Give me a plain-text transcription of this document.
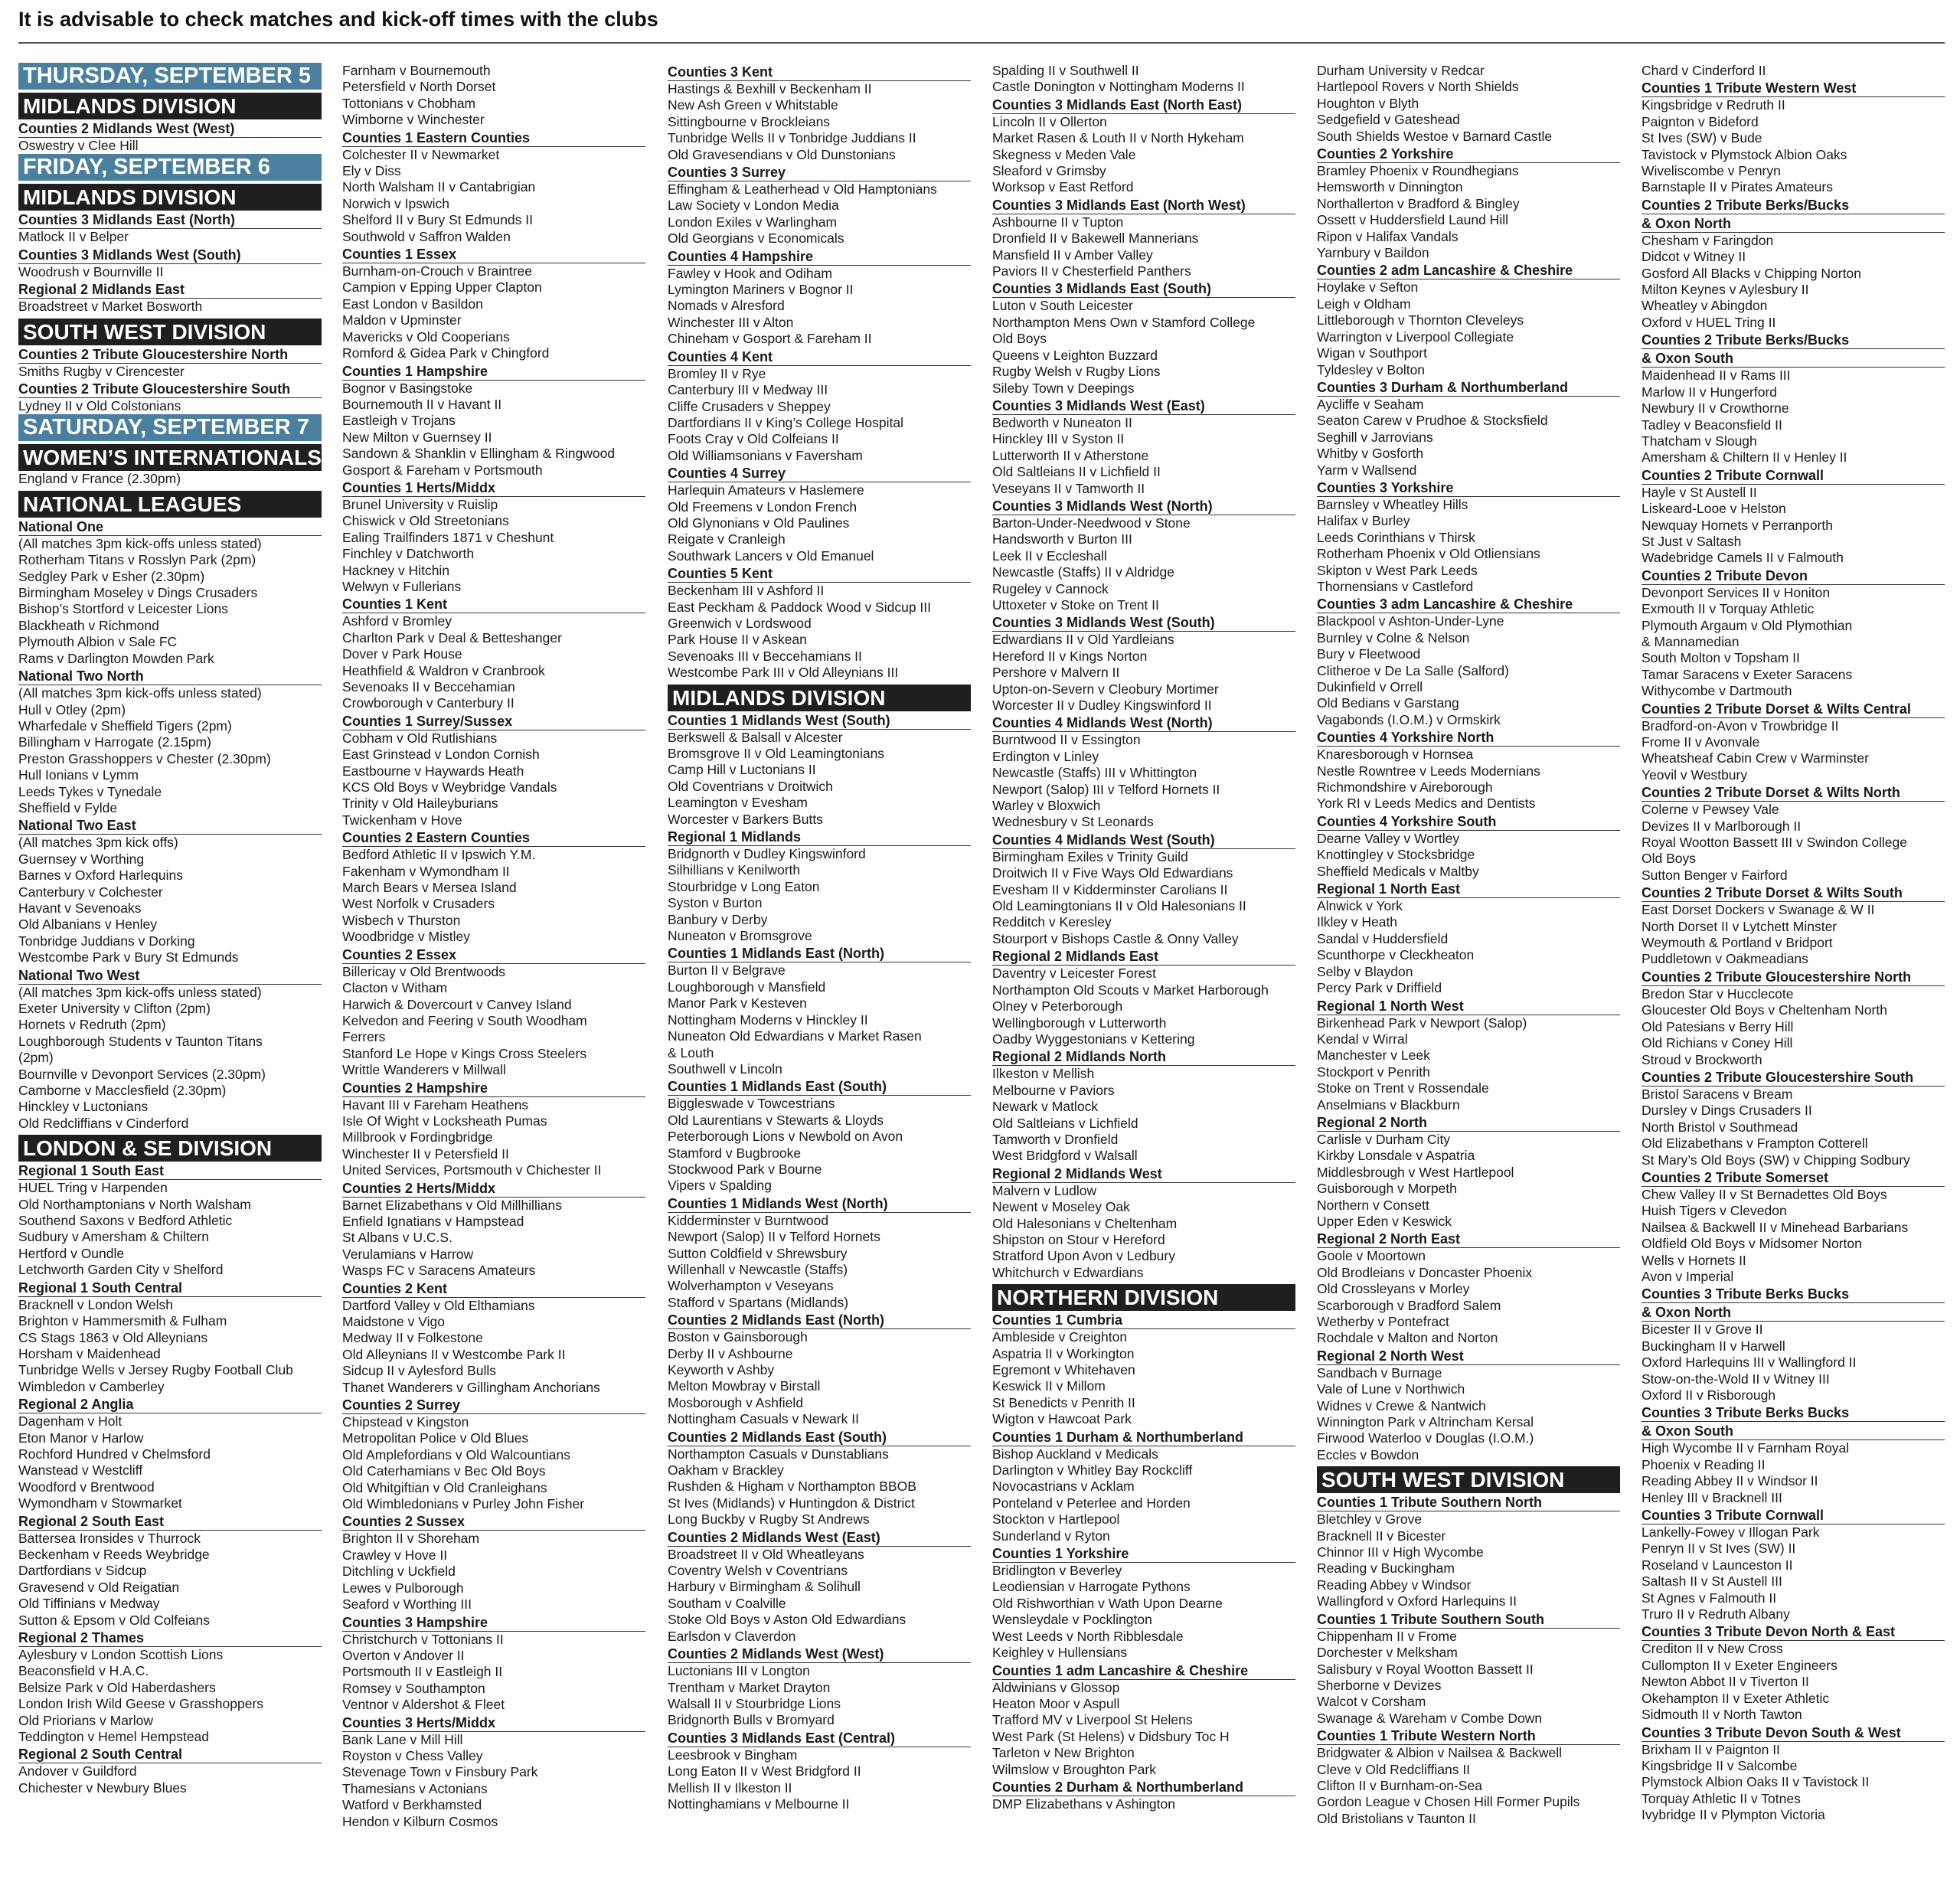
It is advisable to check matches and kick-off times with the clubs
THURSDAY, SEPTEMBER 5
MIDLANDS DIVISION
Counties 2 Midlands West (West)
Oswestry v Clee Hill
FRIDAY, SEPTEMBER 6
MIDLANDS DIVISION
Counties 3 Midlands East (North)
Matlock II v Belper
Counties 3 Midlands West (South)
Woodrush v Bournville II
Regional 2 Midlands East
Broadstreet v Market Bosworth
SOUTH WEST DIVISION
Counties 2 Tribute Gloucestershire North
Smiths Rugby v Cirencester
Counties 2 Tribute Gloucestershire South
Lydney II v Old Colstonians
SATURDAY, SEPTEMBER 7
WOMEN’S INTERNATIONALS
England v France (2.30pm)
NATIONAL LEAGUES
National One
(All matches 3pm kick-offs unless stated)
Rotherham Titans v Rosslyn Park (2pm)
Sedgley Park v Esher (2.30pm)
Birmingham Moseley v Dings Crusaders
Bishop’s Stortford v Leicester Lions
Blackheath v Richmond
Plymouth Albion v Sale FC
Rams v Darlington Mowden Park
National Two North
(All matches 3pm kick-offs unless stated)
Hull v Otley (2pm)
Wharfedale v Sheffield Tigers (2pm)
Billingham v Harrogate (2.15pm)
Preston Grasshoppers v Chester (2.30pm)
Hull Ionians v Lymm
Leeds Tykes v Tynedale
Sheffield v Fylde
National Two East
(All matches 3pm kick offs)
Guernsey v Worthing
Barnes v Oxford Harlequins
Canterbury v Colchester
Havant v Sevenoaks
Old Albanians v Henley
Tonbridge Juddians v Dorking
Westcombe Park v Bury St Edmunds
National Two West
(All matches 3pm kick-offs unless stated)
Exeter University v Clifton (2pm)
Hornets v Redruth (2pm)
Loughborough Students v Taunton Titans
(2pm)
Bournville v Devonport Services (2.30pm)
Camborne v Macclesfield (2.30pm)
Hinckley v Luctonians
Old Redcliffians v Cinderford
LONDON & SE DIVISION
Regional 1 South East
HUEL Tring v Harpenden
Old Northamptonians v North Walsham
Southend Saxons v Bedford Athletic
Sudbury v Amersham & Chiltern
Hertford v Oundle
Letchworth Garden City v Shelford
Regional 1 South Central
Bracknell v London Welsh
Brighton v Hammersmith & Fulham
CS Stags 1863 v Old Alleynians
Horsham v Maidenhead
Tunbridge Wells v Jersey Rugby Football Club
Wimbledon v Camberley
Regional 2 Anglia
Dagenham v Holt
Eton Manor v Harlow
Rochford Hundred v Chelmsford
Wanstead v Westcliff
Woodford v Brentwood
Wymondham v Stowmarket
Regional 2 South East
Battersea Ironsides v Thurrock
Beckenham v Reeds Weybridge
Dartfordians v Sidcup
Gravesend v Old Reigatian
Old Tiffinians v Medway
Sutton & Epsom v Old Colfeians
Regional 2 Thames
Aylesbury v London Scottish Lions
Beaconsfield v H.A.C.
Belsize Park v Old Haberdashers
London Irish Wild Geese v Grasshoppers
Old Priorians v Marlow
Teddington v Hemel Hempstead
Regional 2 South Central
Andover v Guildford
Chichester v Newbury Blues
Farnham v Bournemouth
Petersfield v North Dorset
Tottonians v Chobham
Wimborne v Winchester
Counties 1 Eastern Counties
Colchester II v Newmarket
Ely v Diss
North Walsham II v Cantabrigian
Norwich v Ipswich
Shelford II v Bury St Edmunds II
Southwold v Saffron Walden
Counties 1 Essex
Burnham-on-Crouch v Braintree
Campion v Epping Upper Clapton
East London v Basildon
Maldon v Upminster
Mavericks v Old Cooperians
Romford & Gidea Park v Chingford
Counties 1 Hampshire
Bognor v Basingstoke
Bournemouth II v Havant II
Eastleigh v Trojans
New Milton v Guernsey II
Sandown & Shanklin v Ellingham & Ringwood
Gosport & Fareham v Portsmouth
Counties 1 Herts/Middx
Brunel University v Ruislip
Chiswick v Old Streetonians
Ealing Trailfinders 1871 v Cheshunt
Finchley v Datchworth
Hackney v Hitchin
Welwyn v Fullerians
Counties 1 Kent
Ashford v Bromley
Charlton Park v Deal & Betteshanger
Dover v Park House
Heathfield & Waldron v Cranbrook
Sevenoaks II v Beccehamian
Crowborough v Canterbury II
Counties 1 Surrey/Sussex
Cobham v Old Rutlishians
East Grinstead v London Cornish
Eastbourne v Haywards Heath
KCS Old Boys v Weybridge Vandals
Trinity v Old Haileyburians
Twickenham v Hove
Counties 2 Eastern Counties
Bedford Athletic II v Ipswich Y.M.
Fakenham v Wymondham II
March Bears v Mersea Island
West Norfolk v Crusaders
Wisbech v Thurston
Woodbridge v Mistley
Counties 2 Essex
Billericay v Old Brentwoods
Clacton v Witham
Harwich & Dovercourt v Canvey Island
Kelvedon and Feering v South Woodham
Ferrers
Stanford Le Hope v Kings Cross Steelers
Writtle Wanderers v Millwall
Counties 2 Hampshire
Havant III v Fareham Heathens
Isle Of Wight v Locksheath Pumas
Millbrook v Fordingbridge
Winchester II v Petersfield II
United Services, Portsmouth v Chichester II
Counties 2 Herts/Middx
Barnet Elizabethans v Old Millhillians
Enfield Ignatians v Hampstead
St Albans v U.C.S.
Verulamians v Harrow
Wasps FC v Saracens Amateurs
Counties 2 Kent
Dartford Valley v Old Elthamians
Maidstone v Vigo
Medway II v Folkestone
Old Alleynians II v Westcombe Park II
Sidcup II v Aylesford Bulls
Thanet Wanderers v Gillingham Anchorians
Counties 2 Surrey
Chipstead v Kingston
Metropolitan Police v Old Blues
Old Amplefordians v Old Walcountians
Old Caterhamians v Bec Old Boys
Old Whitgiftian v Old Cranleighans
Old Wimbledonians v Purley John Fisher
Counties 2 Sussex
Brighton II v Shoreham
Crawley v Hove II
Ditchling v Uckfield
Lewes v Pulborough
Seaford v Worthing III
Counties 3 Hampshire
Christchurch v Tottonians II
Overton v Andover II
Portsmouth II v Eastleigh II
Romsey v Southampton
Ventnor v Aldershot & Fleet
Counties 3 Herts/Middx
Bank Lane v Mill Hill
Royston v Chess Valley
Stevenage Town v Finsbury Park
Thamesians v Actonians
Watford v Berkhamsted
Hendon v Kilburn Cosmos
Counties 3 Kent
Hastings & Bexhill v Beckenham II
New Ash Green v Whitstable
Sittingbourne v Brockleians
Tunbridge Wells II v Tonbridge Juddians II
Old Gravesendians v Old Dunstonians
Counties 3 Surrey
Effingham & Leatherhead v Old Hamptonians
Law Society v London Media
London Exiles v Warlingham
Old Georgians v Economicals
Counties 4 Hampshire
Fawley v Hook and Odiham
Lymington Mariners v Bognor II
Nomads v Alresford
Winchester III v Alton
Chineham v Gosport & Fareham II
Counties 4 Kent
Bromley II v Rye
Canterbury III v Medway III
Cliffe Crusaders v Sheppey
Dartfordians II v King’s College Hospital
Foots Cray v Old Colfeians II
Old Williamsonians v Faversham
Counties 4 Surrey
Harlequin Amateurs v Haslemere
Old Freemens v London French
Old Glynonians v Old Paulines
Reigate v Cranleigh
Southwark Lancers v Old Emanuel
Counties 5 Kent
Beckenham III v Ashford II
East Peckham & Paddock Wood v Sidcup III
Greenwich v Lordswood
Park House II v Askean
Sevenoaks III v Beccehamians II
Westcombe Park III v Old Alleynians III
MIDLANDS DIVISION
Counties 1 Midlands West (South)
Berkswell & Balsall v Alcester
Bromsgrove II v Old Leamingtonians
Camp Hill v Luctonians II
Old Coventrians v Droitwich
Leamington v Evesham
Worcester v Barkers Butts
Regional 1 Midlands
Bridgnorth v Dudley Kingswinford
Silhillians v Kenilworth
Stourbridge v Long Eaton
Syston v Burton
Banbury v Derby
Nuneaton v Bromsgrove
Counties 1 Midlands East (North)
Burton II v Belgrave
Loughborough v Mansfield
Manor Park v Kesteven
Nottingham Moderns v Hinckley II
Nuneaton Old Edwardians v Market Rasen
& Louth
Southwell v Lincoln
Counties 1 Midlands East (South)
Biggleswade v Towcestrians
Old Laurentians v Stewarts & Lloyds
Peterborough Lions v Newbold on Avon
Stamford v Bugbrooke
Stockwood Park v Bourne
Vipers v Spalding
Counties 1 Midlands West (North)
Kidderminster v Burntwood
Newport (Salop) II v Telford Hornets
Sutton Coldfield v Shrewsbury
Willenhall v Newcastle (Staffs)
Wolverhampton v Veseyans
Stafford v Spartans (Midlands)
Counties 2 Midlands East (North)
Boston v Gainsborough
Derby II v Ashbourne
Keyworth v Ashby
Melton Mowbray v Birstall
Mosborough v Ashfield
Nottingham Casuals v Newark II
Counties 2 Midlands East (South)
Northampton Casuals v Dunstablians
Oakham v Brackley
Rushden & Higham v Northampton BBOB
St Ives (Midlands) v Huntingdon & District
Long Buckby v Rugby St Andrews
Counties 2 Midlands West (East)
Broadstreet II v Old Wheatleyans
Coventry Welsh v Coventrians
Harbury v Birmingham & Solihull
Southam v Coalville
Stoke Old Boys v Aston Old Edwardians
Earlsdon v Claverdon
Counties 2 Midlands West (West)
Luctonians III v Longton
Trentham v Market Drayton
Walsall II v Stourbridge Lions
Bridgnorth Bulls v Bromyard
Counties 3 Midlands East (Central)
Leesbrook v Bingham
Long Eaton II v West Bridgford II
Mellish II v Ilkeston II
Nottinghamians v Melbourne II
Spalding II v Southwell II
Castle Donington v Nottingham Moderns II
Counties 3 Midlands East (North East)
Lincoln II v Ollerton
Market Rasen & Louth II v North Hykeham
Skegness v Meden Vale
Sleaford v Grimsby
Worksop v East Retford
Counties 3 Midlands East (North West)
Ashbourne II v Tupton
Dronfield II v Bakewell Mannerians
Mansfield II v Amber Valley
Paviors II v Chesterfield Panthers
Counties 3 Midlands East (South)
Luton v South Leicester
Northampton Mens Own v Stamford College
Old Boys
Queens v Leighton Buzzard
Rugby Welsh v Rugby Lions
Sileby Town v Deepings
Counties 3 Midlands West (East)
Bedworth v Nuneaton II
Hinckley III v Syston II
Lutterworth II v Atherstone
Old Saltleians II v Lichfield II
Veseyans II v Tamworth II
Counties 3 Midlands West (North)
Barton-Under-Needwood v Stone
Handsworth v Burton III
Leek II v Eccleshall
Newcastle (Staffs) II v Aldridge
Rugeley v Cannock
Uttoxeter v Stoke on Trent II
Counties 3 Midlands West (South)
Edwardians II v Old Yardleians
Hereford II v Kings Norton
Pershore v Malvern II
Upton-on-Severn v Cleobury Mortimer
Worcester II v Dudley Kingswinford II
Counties 4 Midlands West (North)
Burntwood II v Essington
Erdington v Linley
Newcastle (Staffs) III v Whittington
Newport (Salop) III v Telford Hornets II
Warley v Bloxwich
Wednesbury v St Leonards
Counties 4 Midlands West (South)
Birmingham Exiles v Trinity Guild
Droitwich II v Five Ways Old Edwardians
Evesham II v Kidderminster Carolians II
Old Leamingtonians II v Old Halesonians II
Redditch v Keresley
Stourport v Bishops Castle & Onny Valley
Regional 2 Midlands East
Daventry v Leicester Forest
Northampton Old Scouts v Market Harborough
Olney v Peterborough
Wellingborough v Lutterworth
Oadby Wyggestonians v Kettering
Regional 2 Midlands North
Ilkeston v Mellish
Melbourne v Paviors
Newark v Matlock
Old Saltleians v Lichfield
Tamworth v Dronfield
West Bridgford v Walsall
Regional 2 Midlands West
Malvern v Ludlow
Newent v Moseley Oak
Old Halesonians v Cheltenham
Shipston on Stour v Hereford
Stratford Upon Avon v Ledbury
Whitchurch v Edwardians
NORTHERN DIVISION
Counties 1 Cumbria
Ambleside v Creighton
Aspatria II v Workington
Egremont v Whitehaven
Keswick II v Millom
St Benedicts v Penrith II
Wigton v Hawcoat Park
Counties 1 Durham & Northumberland
Bishop Auckland v Medicals
Darlington v Whitley Bay Rockcliff
Novocastrians v Acklam
Ponteland v Peterlee and Horden
Stockton v Hartlepool
Sunderland v Ryton
Counties 1 Yorkshire
Bridlington v Beverley
Leodiensian v Harrogate Pythons
Old Rishworthian v Wath Upon Dearne
Wensleydale v Pocklington
West Leeds v North Ribblesdale
Keighley v Hullensians
Counties 1 adm Lancashire & Cheshire
Aldwinians v Glossop
Heaton Moor v Aspull
Trafford MV v Liverpool St Helens
West Park (St Helens) v Didsbury Toc H
Tarleton v New Brighton
Wilmslow v Broughton Park
Counties 2 Durham & Northumberland
DMP Elizabethans v Ashington
Durham University v Redcar
Hartlepool Rovers v North Shields
Houghton v Blyth
Sedgefield v Gateshead
South Shields Westoe v Barnard Castle
Counties 2 Yorkshire
Bramley Phoenix v Roundhegians
Hemsworth v Dinnington
Northallerton v Bradford & Bingley
Ossett v Huddersfield Laund Hill
Ripon v Halifax Vandals
Yarnbury v Baildon
Counties 2 adm Lancashire & Cheshire
Hoylake v Sefton
Leigh v Oldham
Littleborough v Thornton Cleveleys
Warrington v Liverpool Collegiate
Wigan v Southport
Tyldesley v Bolton
Counties 3 Durham & Northumberland
Aycliffe v Seaham
Seaton Carew v Prudhoe & Stocksfield
Seghill v Jarrovians
Whitby v Gosforth
Yarm v Wallsend
Counties 3 Yorkshire
Barnsley v Wheatley Hills
Halifax v Burley
Leeds Corinthians v Thirsk
Rotherham Phoenix v Old Otliensians
Skipton v West Park Leeds
Thornensians v Castleford
Counties 3 adm Lancashire & Cheshire
Blackpool v Ashton-Under-Lyne
Burnley v Colne & Nelson
Bury v Fleetwood
Clitheroe v De La Salle (Salford)
Dukinfield v Orrell
Old Bedians v Garstang
Vagabonds (I.O.M.) v Ormskirk
Counties 4 Yorkshire North
Knaresborough v Hornsea
Nestle Rowntree v Leeds Modernians
Richmondshire v Aireborough
York RI v Leeds Medics and Dentists
Counties 4 Yorkshire South
Dearne Valley v Wortley
Knottingley v Stocksbridge
Sheffield Medicals v Maltby
Regional 1 North East
Alnwick v York
Ilkley v Heath
Sandal v Huddersfield
Scunthorpe v Cleckheaton
Selby v Blaydon
Percy Park v Driffield
Regional 1 North West
Birkenhead Park v Newport (Salop)
Kendal v Wirral
Manchester v Leek
Stockport v Penrith
Stoke on Trent v Rossendale
Anselmians v Blackburn
Regional 2 North
Carlisle v Durham City
Kirkby Lonsdale v Aspatria
Middlesbrough v West Hartlepool
Guisborough v Morpeth
Northern v Consett
Upper Eden v Keswick
Regional 2 North East
Goole v Moortown
Old Brodleians v Doncaster Phoenix
Old Crossleyans v Morley
Scarborough v Bradford Salem
Wetherby v Pontefract
Rochdale v Malton and Norton
Regional 2 North West
Sandbach v Burnage
Vale of Lune v Northwich
Widnes v Crewe & Nantwich
Winnington Park v Altrincham Kersal
Firwood Waterloo v Douglas (I.O.M.)
Eccles v Bowdon
SOUTH WEST DIVISION
Counties 1 Tribute Southern North
Bletchley v Grove
Bracknell II v Bicester
Chinnor III v High Wycombe
Reading v Buckingham
Reading Abbey v Windsor
Wallingford v Oxford Harlequins II
Counties 1 Tribute Southern South
Chippenham II v Frome
Dorchester v Melksham
Salisbury v Royal Wootton Bassett II
Sherborne v Devizes
Walcot v Corsham
Swanage & Wareham v Combe Down
Counties 1 Tribute Western North
Bridgwater & Albion v Nailsea & Backwell
Cleve v Old Redcliffians II
Clifton II v Burnham-on-Sea
Gordon League v Chosen Hill Former Pupils
Old Bristolians v Taunton II
Chard v Cinderford II
Counties 1 Tribute Western West
Kingsbridge v Redruth II
Paignton v Bideford
St Ives (SW) v Bude
Tavistock v Plymstock Albion Oaks
Wiveliscombe v Penryn
Barnstaple II v Pirates Amateurs
Counties 2 Tribute Berks/Bucks
& Oxon North
Chesham v Faringdon
Didcot v Witney II
Gosford All Blacks v Chipping Norton
Milton Keynes v Aylesbury II
Wheatley v Abingdon
Oxford v HUEL Tring II
Counties 2 Tribute Berks/Bucks
& Oxon South
Maidenhead II v Rams III
Marlow II v Hungerford
Newbury II v Crowthorne
Tadley v Beaconsfield II
Thatcham v Slough
Amersham & Chiltern II v Henley II
Counties 2 Tribute Cornwall
Hayle v St Austell II
Liskeard-Looe v Helston
Newquay Hornets v Perranporth
St Just v Saltash
Wadebridge Camels II v Falmouth
Counties 2 Tribute Devon
Devonport Services II v Honiton
Exmouth II v Torquay Athletic
Plymouth Argaum v Old Plymothian
& Mannamedian
South Molton v Topsham II
Tamar Saracens v Exeter Saracens
Withycombe v Dartmouth
Counties 2 Tribute Dorset & Wilts Central
Bradford-on-Avon v Trowbridge II
Frome II v Avonvale
Wheatsheaf Cabin Crew v Warminster
Yeovil v Westbury
Counties 2 Tribute Dorset & Wilts North
Colerne v Pewsey Vale
Devizes II v Marlborough II
Royal Wootton Bassett III v Swindon College
Old Boys
Sutton Benger v Fairford
Counties 2 Tribute Dorset & Wilts South
East Dorset Dockers v Swanage & W II
North Dorset II v Lytchett Minster
Weymouth & Portland v Bridport
Puddletown v Oakmeadians
Counties 2 Tribute Gloucestershire North
Bredon Star v Hucclecote
Gloucester Old Boys v Cheltenham North
Old Patesians v Berry Hill
Old Richians v Coney Hill
Stroud v Brockworth
Counties 2 Tribute Gloucestershire South
Bristol Saracens v Bream
Dursley v Dings Crusaders II
North Bristol v Southmead
Old Elizabethans v Frampton Cotterell
St Mary’s Old Boys (SW) v Chipping Sodbury
Counties 2 Tribute Somerset
Chew Valley II v St Bernadettes Old Boys
Huish Tigers v Clevedon
Nailsea & Backwell II v Minehead Barbarians
Oldfield Old Boys v Midsomer Norton
Wells v Hornets II
Avon v Imperial
Counties 3 Tribute Berks Bucks
& Oxon North
Bicester II v Grove II
Buckingham II v Harwell
Oxford Harlequins III v Wallingford II
Stow-on-the-Wold II v Witney III
Oxford II v Risborough
Counties 3 Tribute Berks Bucks
& Oxon South
High Wycombe II v Farnham Royal
Phoenix v Reading II
Reading Abbey II v Windsor II
Henley III v Bracknell III
Counties 3 Tribute Cornwall
Lankelly-Fowey v Illogan Park
Penryn II v St Ives (SW) II
Roseland v Launceston II
Saltash II v St Austell III
St Agnes v Falmouth II
Truro II v Redruth Albany
Counties 3 Tribute Devon North & East
Crediton II v New Cross
Cullompton II v Exeter Engineers
Newton Abbot II v Tiverton II
Okehampton II v Exeter Athletic
Sidmouth II v North Tawton
Counties 3 Tribute Devon South & West
Brixham II v Paignton II
Kingsbridge II v Salcombe
Plymstock Albion Oaks II v Tavistock II
Torquay Athletic II v Totnes
Ivybridge II v Plympton Victoria
